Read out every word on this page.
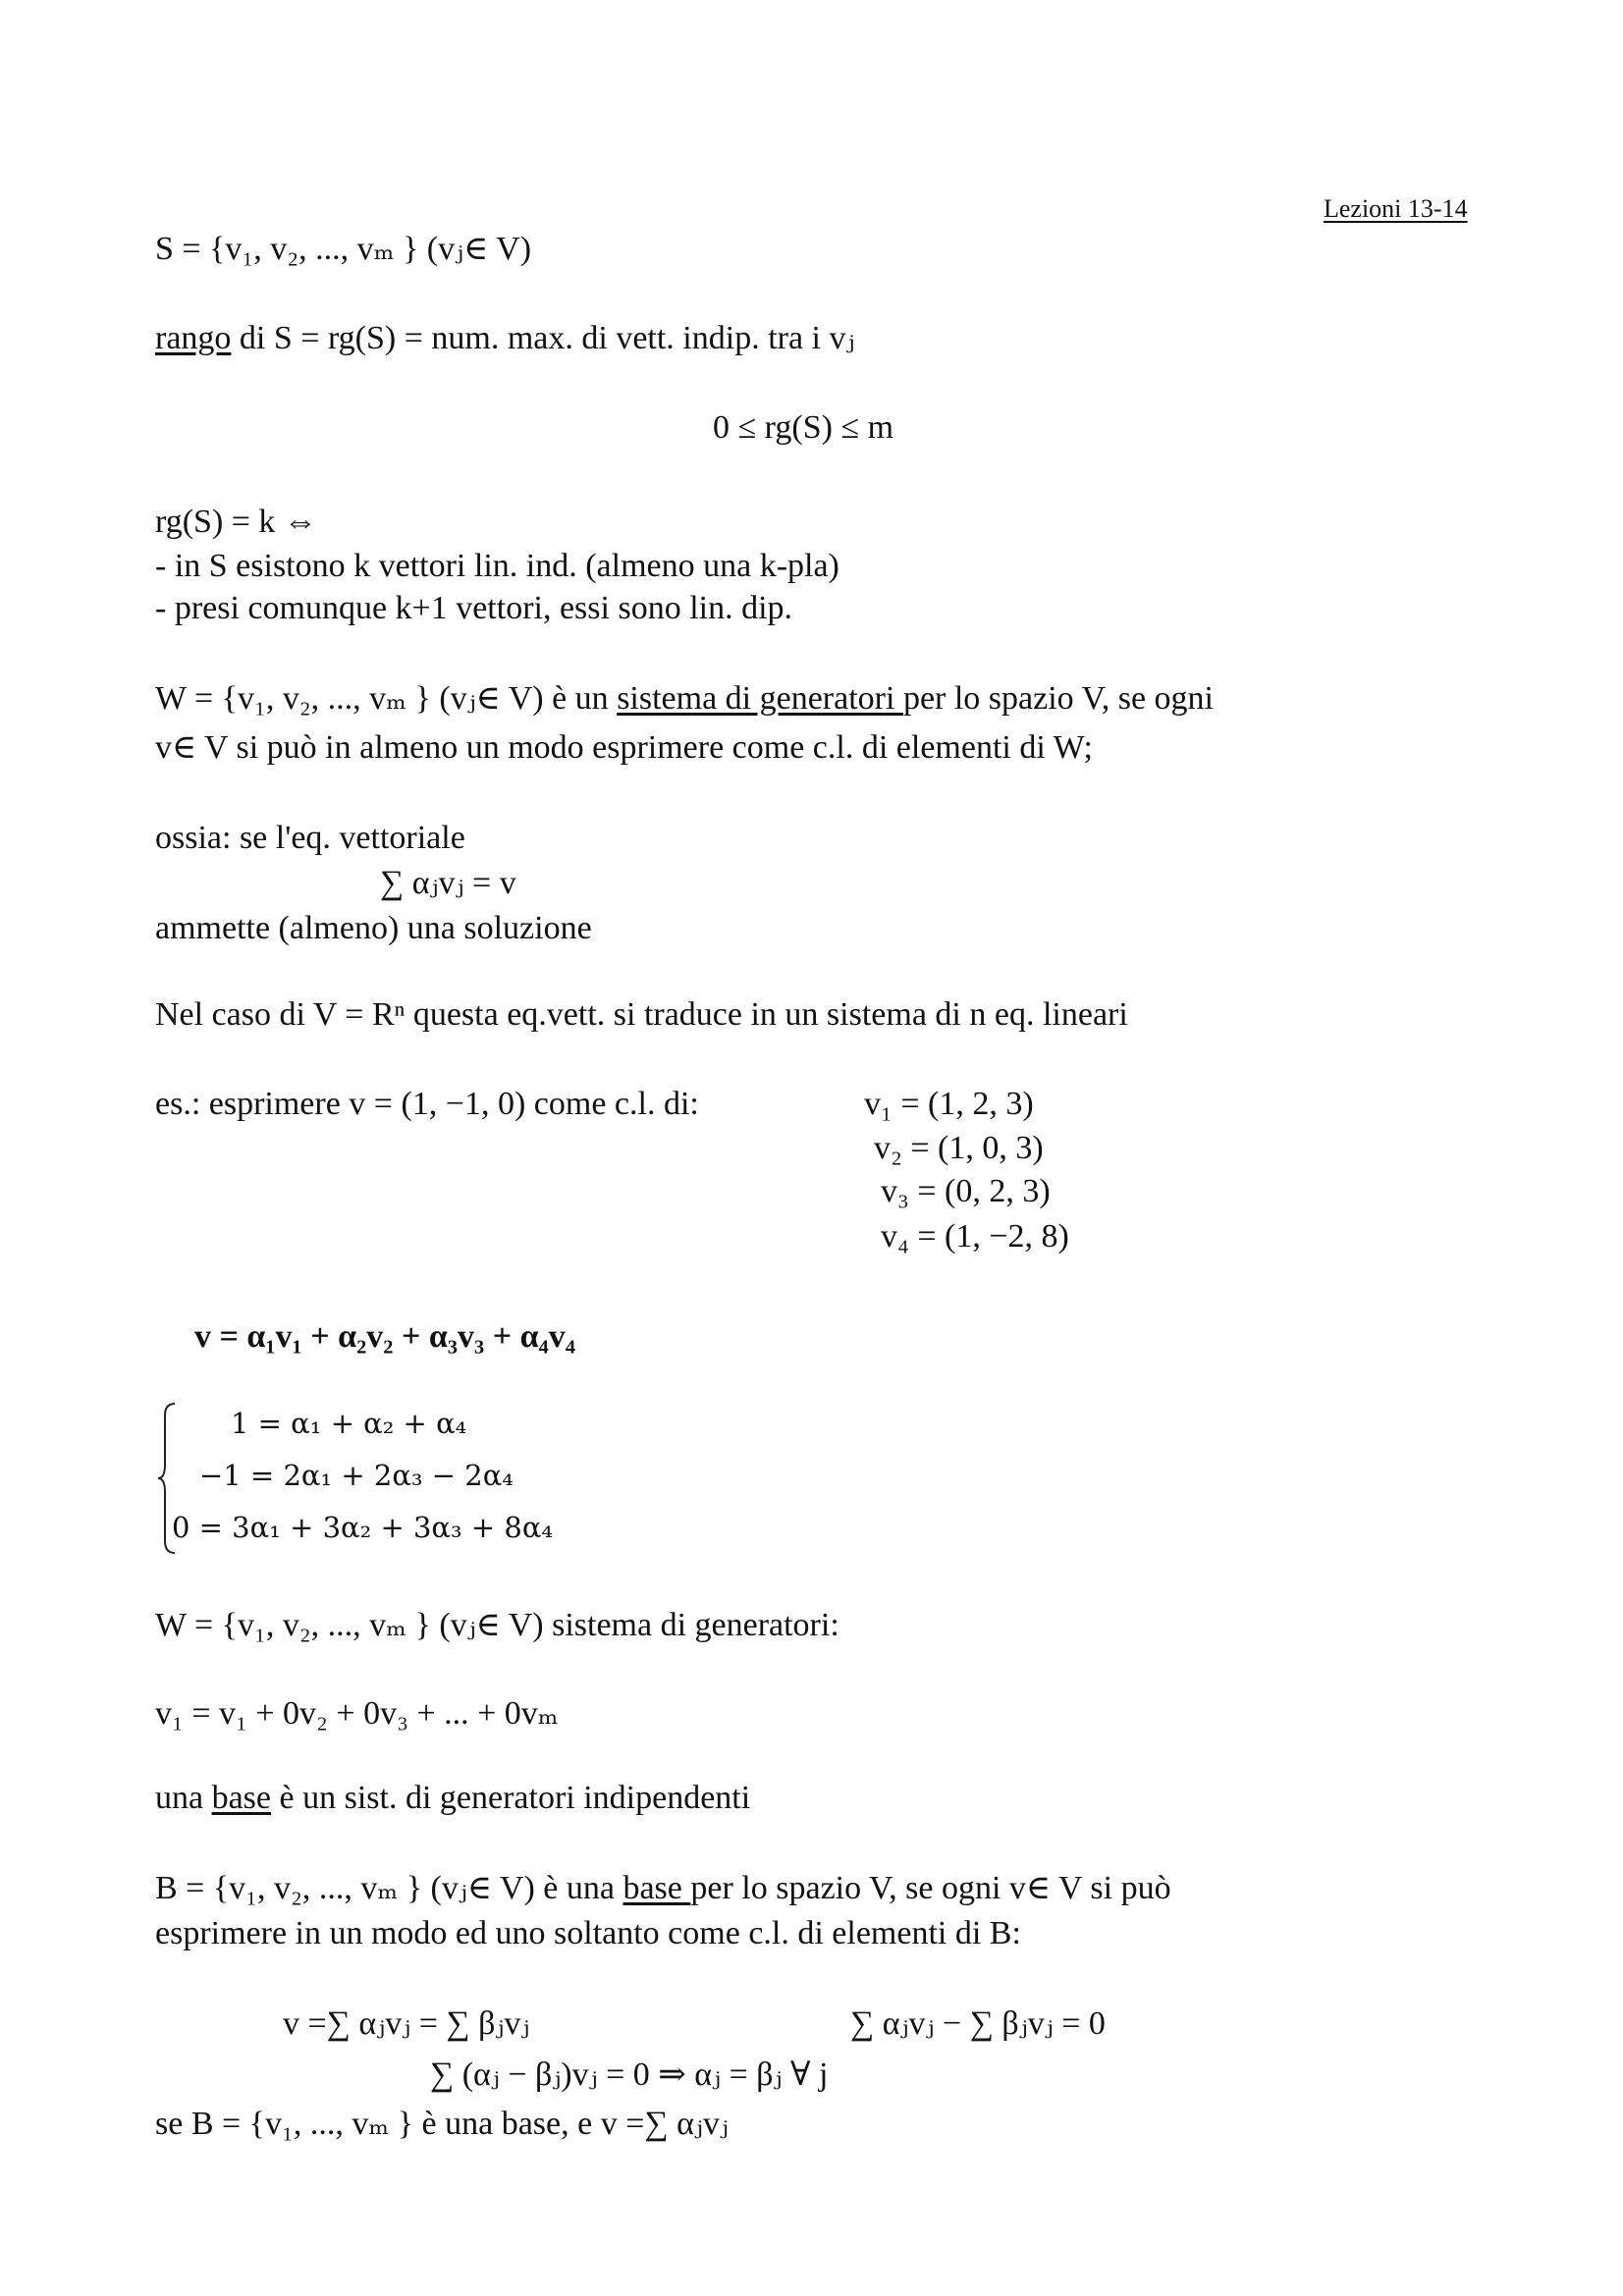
Lezioni 13-14
S = {v₁, v₂, ..., vₘ } (vⱼ∈ V)
rango di S = rg(S) = num. max. di vett. indip. tra i vⱼ
0 ≤ rg(S) ≤ m
rg(S) = k ⇔
- in S esistono k vettori lin. ind. (almeno una k-pla)
- presi comunque k+1 vettori, essi sono lin. dip.
W = {v₁, v₂, ..., vₘ } (vⱼ∈ V) è un sistema di generatori per lo spazio V, se ogni
v∈ V si può in almeno un modo esprimere come c.l. di elementi di W;
ossia: se l'eq. vettoriale
∑ αⱼvⱼ = v
ammette (almeno) una soluzione
Nel caso di V = Rⁿ questa eq.vett. si traduce in un sistema di n eq. lineari
es.: esprimere v = (1, −1, 0) come c.l. di:	v₁ = (1, 2, 3)
v₂ = (1, 0, 3)
v₃ = (0, 2, 3)
v₄ = (1, −2, 8)
v = α₁v₁ + α₂v₂ + α₃v₃ + α₄v₄
1 = α₁ + α₂ + α₄
−1 = 2α₁ + 2α₃ − 2α₄
0 = 3α₁ + 3α₂ + 3α₃ + 8α₄
W = {v₁, v₂, ..., vₘ } (vⱼ∈ V) sistema di generatori:
v₁ = v₁ + 0v₂ + 0v₃ + ... + 0vₘ
una base è un sist. di generatori indipendenti
B = {v₁, v₂, ..., vₘ } (vⱼ∈ V) è una base per lo spazio V, se ogni v∈ V si può
esprimere in un modo ed uno soltanto come c.l. di elementi di B:
v =∑ αⱼvⱼ = ∑ βⱼvⱼ	∑ αⱼvⱼ − ∑ βⱼvⱼ = 0
∑ (αⱼ − βⱼ)vⱼ = 0 ⇒ αⱼ = βⱼ ∀ j
se B = {v₁, ..., vₘ } è una base, e v =∑ αⱼvⱼ
